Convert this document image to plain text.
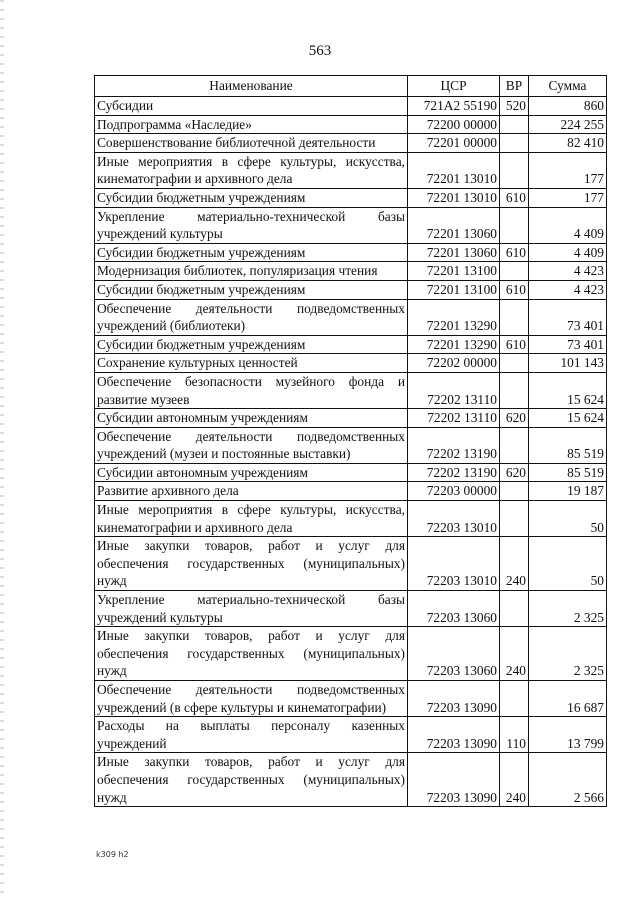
563
Наименование	ЦСР	ВР	Сумма
Субсидии	721А2 55190	520	860
Подпрограмма «Наследие»	72200 00000		224 255
Совершенствование библиотечной деятельности	72201 00000		82 410
Иные мероприятия в сфере культуры, искусства, кинематографии и архивного дела	72201 13010		177
Субсидии бюджетным учреждениям	72201 13010	610	177
Укрепление материально-технической базы учреждений культуры	72201 13060		4 409
Субсидии бюджетным учреждениям	72201 13060	610	4 409
Модернизация библиотек, популяризация чтения	72201 13100		4 423
Субсидии бюджетным учреждениям	72201 13100	610	4 423
Обеспечение деятельности подведомственных учреждений (библиотеки)	72201 13290		73 401
Субсидии бюджетным учреждениям	72201 13290	610	73 401
Сохранение культурных ценностей	72202 00000		101 143
Обеспечение безопасности музейного фонда и развитие музеев	72202 13110		15 624
Субсидии автономным учреждениям	72202 13110	620	15 624
Обеспечение деятельности подведомственных учреждений (музеи и постоянные выставки)	72202 13190		85 519
Субсидии автономным учреждениям	72202 13190	620	85 519
Развитие архивного дела	72203 00000		19 187
Иные мероприятия в сфере культуры, искусства, кинематографии и архивного дела	72203 13010		50
Иные закупки товаров, работ и услуг для обеспечения государственных (муниципальных) нужд	72203 13010	240	50
Укрепление материально-технической базы учреждений культуры	72203 13060		2 325
Иные закупки товаров, работ и услуг для обеспечения государственных (муниципальных) нужд	72203 13060	240	2 325
Обеспечение деятельности подведомственных учреждений (в сфере культуры и кинематографии)	72203 13090		16 687
Расходы на выплаты персоналу казенных учреждений	72203 13090	110	13 799
Иные закупки товаров, работ и услуг для обеспечения государственных (муниципальных) нужд	72203 13090	240	2 566
k309 h2
